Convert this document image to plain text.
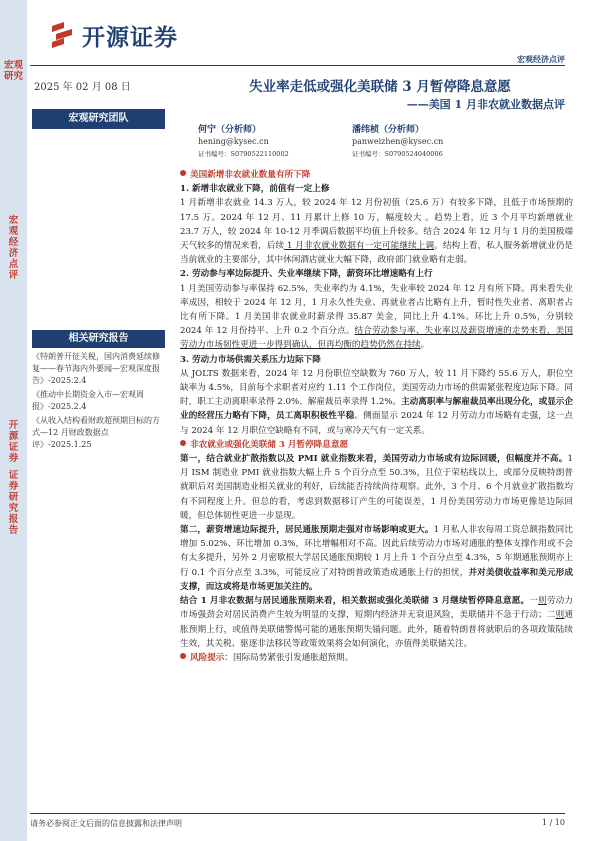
宏观
研究
宏
观
经
济
点
评
开
源
证
券
证
券
研
究
报
告
开源证券
宏观经济点评
2025 年 02 月 08 日	失业率走低或强化美联储 3 月暂停降息意愿
——美国 1 月非农就业数据点评
宏观研究团队
何宁（分析师）
hening@kysec.cn
证书编号：S0790522110002
潘纬桢（分析师）
panweizhen@kysec.cn
证书编号：S0790524040006
相关研究报告
《特朗普开征关税，国内消费延续修复——春节海内外要闻—宏观深度报告》-2025.2.4
《推动中长期资金入市—宏观周报》-2025.2.4
《从收入结构看财政超预期目标的方式—12 月财政数据点评》-2025.1.25
美国新增非农就业数量有所下降
1. 新增非农就业下降，前值有一定上修

1 月新增非农就业 14.3 万人，较 2024 年 12 月份初值（25.6 万）有较多下降，且低于市场预期的 17.5 万。2024 年 12 月、11 月累计上修 10 万，幅度较大 。趋势上看，近 3 个月平均新增就业 23.7 万人，较 2024 年 10-12 月季调后数据平均值上升较多。结合 2024 年 12 月与 1 月的美国极端天气较多的情况来看，后续 1 月非农就业数据有一定可能继续上调。结构上看，私人服务新增就业仍是当前就业的主要部分，其中休闲酒店就业大幅下降，政府部门就业略有走弱。

2. 劳动参与率边际提升、失业率继续下降，薪资环比增速略有上行

1 月美国劳动参与率保持 62.5%，失业率约为 4.1%，失业率较 2024 年 12 月有所下降。再来看失业率成因，相较于 2024 年 12 月，1 月永久性失业、再就业者占比略有上升，暂时性失业者、离职者占比有所下降。1 月美国非农就业时薪录得 35.87 美金，同比上升 4.1%。环比上升 0.5%，分别较 2024 年 12 月份持平、上升 0.2 个百分点。结合劳动参与率、失业率以及薪资增速的走势来看，美国劳动力市场韧性更进一步得到确认，但再均衡的趋势仍然在持续。

3. 劳动力市场供需关系压力边际下降

从 JOLTS 数据来看，2024 年 12 月份职位空缺数为 760 万人，较 11 月下降约 55.6 万人，职位空缺率为 4.5%，目前每个求职者对应约 1.11 个工作岗位，美国劳动力市场的供需紧张程度边际下降。同时，职工主动离职率录得 2.0%、解雇裁员率录得 1.2%。主动离职率与解雇裁员率出现分化，或显示企业的经营压力略有下降，员工离职积极性平稳。侧面显示 2024 年 12 月劳动力市场略有走强，这一点与 2024 年 12 月职位空缺略有不同，或与寒冷天气有一定关系。

非农就业或强化美联储 3 月暂停降息意愿

第一，结合就业扩散指数以及 PMI 就业指数来看，美国劳动力市场或有边际回暖，但幅度并不高。1 月 ISM 制造业 PMI 就业指数大幅上升 5 个百分点至 50.3%，且位于荣枯线以上，或部分反映特朗普就职后对美国制造业相关就业的利好，后续能否持续尚待观察。此外，3 个月、6 个月就业扩散指数均有不同程度上升。但总的看，考虑到数据移订产生的可能误差，1 月份美国劳动力市场更像是边际回暖，但总体韧性更进一步显现。

第二，薪资增速边际提升，居民通胀预期走强对市场影响或更大。1 月私人非农每周工资总额指数同比增加 5.02%、环比增加 0.3%，环比增幅相对不高。因此后续劳动力市场对通胀的整体支撑作用或不会有太多提升，另外 2 月密歇根大学居民通胀预期较 1 月上升 1 个百分点至 4.3%，5 年期通胀预期亦上行 0.1 个百分点至 3.3%，可能反应了对特朗普政策造成通胀上行的担忧，并对美债收益率和美元形成支撑，而这或将是市场更加关注的。

结合 1 月非农数据与居民通胀预期来看，相关数据或强化美联储 3 月继续暂停降息意愿。一则劳动力市场强劲会对居民消费产生较为明显的支撑，短期内经济并无衰退风险，美联储并不急于行动；二则通胀预期上行，或值得美联储警惕可能的通胀预期失锚问题。此外，随着特朗普将就职后的各项政策陆续生效，其关税、驱逐非法移民等政策效果将会如何演化，亦值得美联储关注。

风险提示：国际局势紧张引发通胀超预期。
请务必参阅正文后面的信息披露和法律声明	1 / 10
